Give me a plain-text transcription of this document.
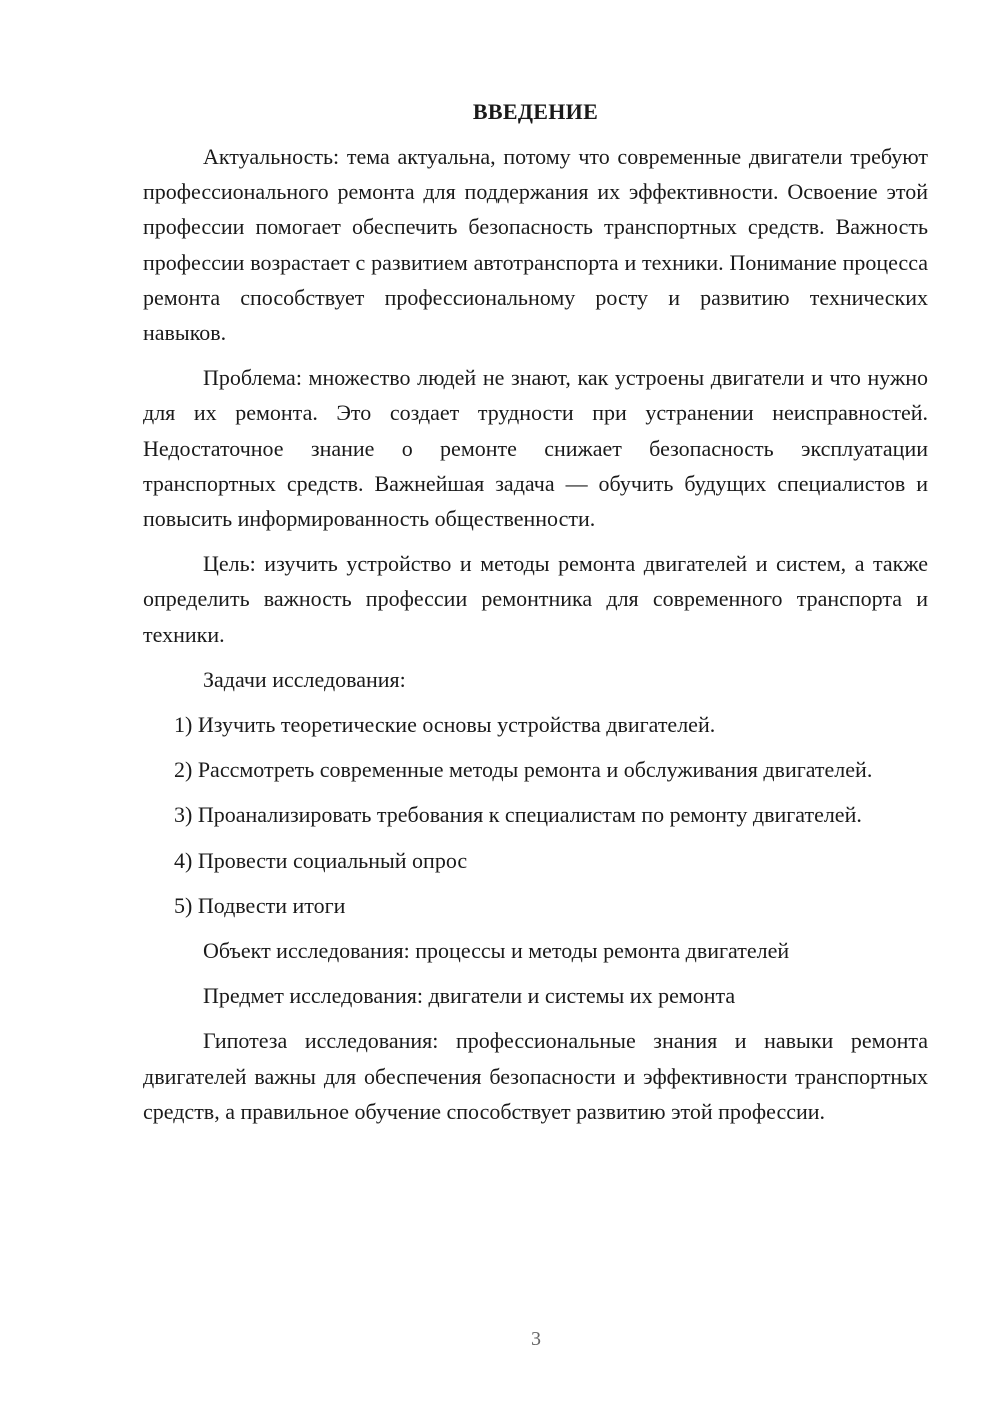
ВВЕДЕНИЕ

Актуальность: тема актуальна, потому что современные двигатели требуют профессионального ремонта для поддержания их эффективности. Освоение этой профессии помогает обеспечить безопасность транспортных средств. Важность профессии возрастает с развитием автотранспорта и техники. Понимание процесса ремонта способствует профессиональному росту и развитию технических навыков.

Проблема: множество людей не знают, как устроены двигатели и что нужно для их ремонта. Это создает трудности при устранении неисправностей. Недостаточное знание о ремонте снижает безопасность эксплуатации транспортных средств. Важнейшая задача — обучить будущих специалистов и повысить информированность общественности.

Цель: изучить устройство и методы ремонта двигателей и систем, а также определить важность профессии ремонтника для современного транспорта и техники.

Задачи исследования:

1) Изучить теоретические основы устройства двигателей.

2) Рассмотреть современные методы ремонта и обслуживания двигателей.

3) Проанализировать требования к специалистам по ремонту двигателей.

4) Провести социальный опрос

5) Подвести итоги

Объект исследования: процессы и методы ремонта двигателей

Предмет исследования: двигатели и системы их ремонта

Гипотеза исследования: профессиональные знания и навыки ремонта двигателей важны для обеспечения безопасности и эффективности транспортных средств, а правильное обучение способствует развитию этой профессии.

3
